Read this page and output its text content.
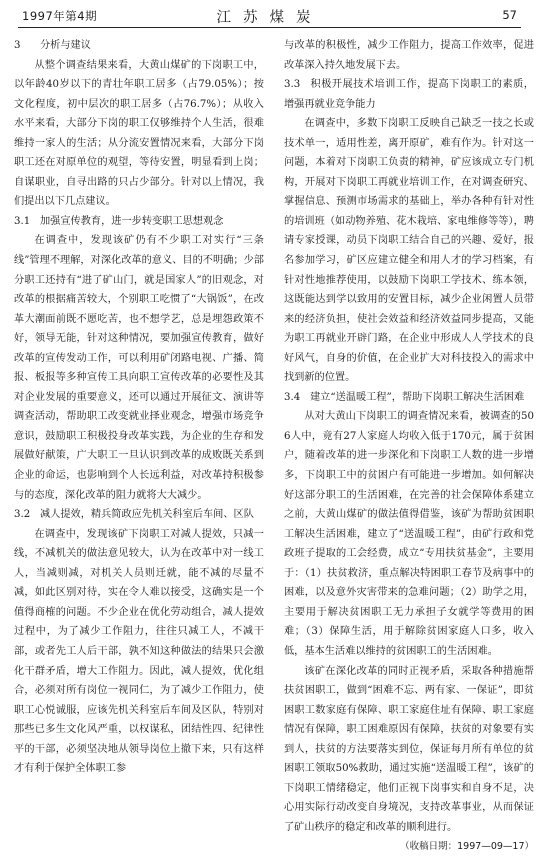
1997年第4期	江苏煤炭	57
3 分析与建议

从整个调查结果来看，大黄山煤矿的下岗职工中，以年龄40岁以下的青壮年职工居多（占79.05%）；按文化程度，初中层次的职工居多（占76.7%）；从收入水平来看，大部分下岗的职工仅够维持个人生活，很难维持一家人的生活；从分流安置情况来看，大部分下岗职工还在对原单位的观望，等待安置，明显看到上岗；自谋职业，自寻出路的只占少部分。针对以上情况，我们提出以下几点建议。

3.1 加强宣传教育，进一步转变职工思想观念

在调查中，发现该矿仍有不少职工对实行“三条线”管理不理解，对深化改革的意义、目的不明确；少部分职工还持有“进了矿山门，就是国家人”的旧观念，对改革的根据痛苦较大，个别职工吃惯了“大锅饭”，在改革大潮面前既不愿吃苦，也不想学艺，总是埋怨政策不好，领导无能，针对这种情况，要加强宣传教育，做好改革的宣传发动工作，可以利用矿闭路电视、广播、简报、板报等多种宣传工具向职工宣传改革的必要性及其对企业发展的重要意义，还可以通过开展征文、演讲等调查活动，帮助职工改变就业择业观念，增强市场竞争意识，鼓励职工积极投身改革实践，为企业的生存和发展做好献策，广大职工一旦认识到改革的成败既关系到企业的命运，也影响到个人长远利益，对改革持积极参与的态度，深化改革的阻力就将大大减少。

3.2 减人提效，精兵简政应先机关科室后车间、区队

在调查中，发现该矿下岗职工对减人提效，只减一线，不减机关的做法意见较大，认为在改革中对一线工人，当减则减，对机关人员则迁就，能不减的尽量不减，如此区别对待，实在令人难以接受，这确实是一个值得商榷的问题。不少企业在优化劳动组合，减人提效过程中，为了减少工作阻力，往往只减工人，不减干部，或者先工人后干部，孰不知这种做法的结果只会激化干群矛盾，增大工作阻力。因此，减人提效，优化组合，必须对所有岗位一视同仁，为了减少工作阻力，使职工心悦诚服，应该先机关科室后车间及区队，特别对那些已多生文化风严重，以权谋私，团结性四、纪律性平的干部，必须坚决地从领导岗位上撤下来，只有这样才有利于保护全体职工参

与改革的积极性，减少工作阻力，提高工作效率，促进改革深入持久地发展下去。

3.3 积极开展技术培训工作，提高下岗职工的素质，增强再就业竞争能力

在调查中，多数下岗职工反映自己缺乏一技之长或技术单一，适用性差，离开原矿，难有作为。针对这一问题，本着对下岗职工负责的精神，矿应该成立专门机构，开展对下岗职工再就业培训工作，在对调查研究、掌握信息、预测市场需求的基础上，举办各种有针对性的培训班（如动物养殖、花木栽培、家电维修等等），聘请专家授课，动员下岗职工结合自己的兴趣、爱好，报名参加学习，矿区应建立健全和用人才的学习档案，有针对性地推荐使用，以鼓励下岗职工学技术、练本领，这既能达到学以致用的安置目标，减少企业闲置人员带来的经济负担，使社会效益和经济效益同步提高，又能为职工再就业开辟门路，在企业中形成人人学技术的良好风气，自身的价值，在企业扩大对科技投入的需求中找到新的位置。

3.4 建立“送温暖工程”，帮助下岗职工解决生活困难

从对大黄山下岗职工的调查情况来看，被调查的506人中，竟有27人家庭人均收入低于170元，属于贫困户，随着改革的进一步深化和下岗职工人数的进一步增多，下岗职工中的贫困户有可能进一步增加。如何解决好这部分职工的生活困难，在完善的社会保障体系建立之前，大黄山煤矿的做法值得借鉴，该矿为帮助贫困职工解决生活困难，建立了“送温暖工程”，由矿行政和党政班子提取的工会经费，成立“专用扶贫基金”，主要用于：（1）扶贫救济，重点解决特困职工春节及病事中的困难，以及意外灾害带来的急难问题；（2）助学之用，主要用于解决贫困职工无力承担子女就学等费用的困难；（3）保障生活，用于解除贫困家庭人口多，收入低，基本生活难以维持的贫困职工的生活困难。

该矿在深化改革的同时正视矛盾，采取各种措施帮扶贫困职工，做到“困难不忘、两有家、一保证”，即贫困职工数家庭有保障、职工家庭住址有保障、职工家庭情况有保障，职工困难原因有保障，扶贫的对象要有实到人，扶贫的方法要落实到位，保证每月所有单位的贫困职工领取50%救助，通过实施“送温暖工程”，该矿的下岗职工情绪稳定，他们正视下岗事实和自身不足，决心用实际行动改变自身境况，支持改革事业，从而保证了矿山秩序的稳定和改革的顺利进行。

（收稿日期：1997—09—17）
